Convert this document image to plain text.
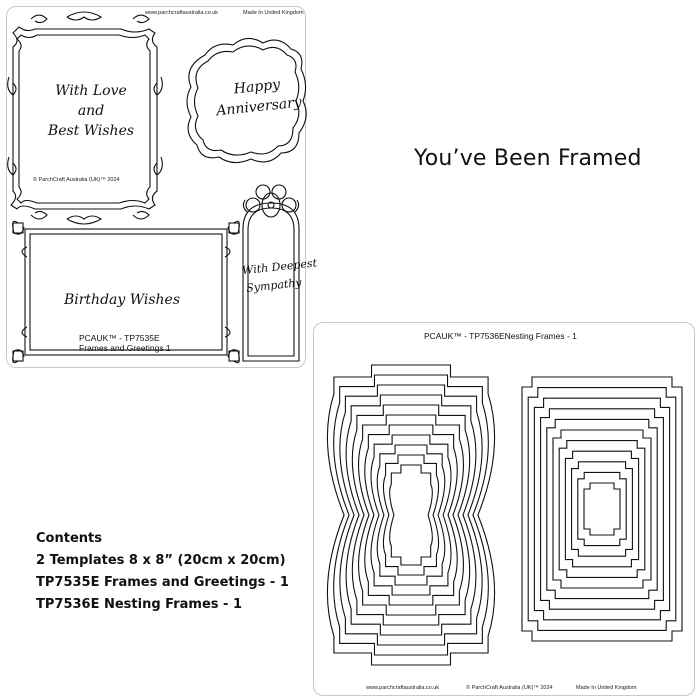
www.parchcraftaustralia.co.uk	Made In United Kingdom
With Love
and
Best Wishes
© ParchCraft Australia (UK)™ 2024
Happy
Anniversary
Birthday Wishes
With Deepest
Sympathy
PCAUK™ - TP7535E
Frames and Greetings 1
You’ve Been Framed
PCAUK™ - TP7536ENesting Frames - 1
www.parchcraftaustralia.co.uk	© ParchCraft Australia (UK)™ 2024	Made In United Kingdom
Contents
2 Templates 8 x 8” (20cm x 20cm)
TP7535E Frames and Greetings - 1
TP7536E Nesting Frames - 1
